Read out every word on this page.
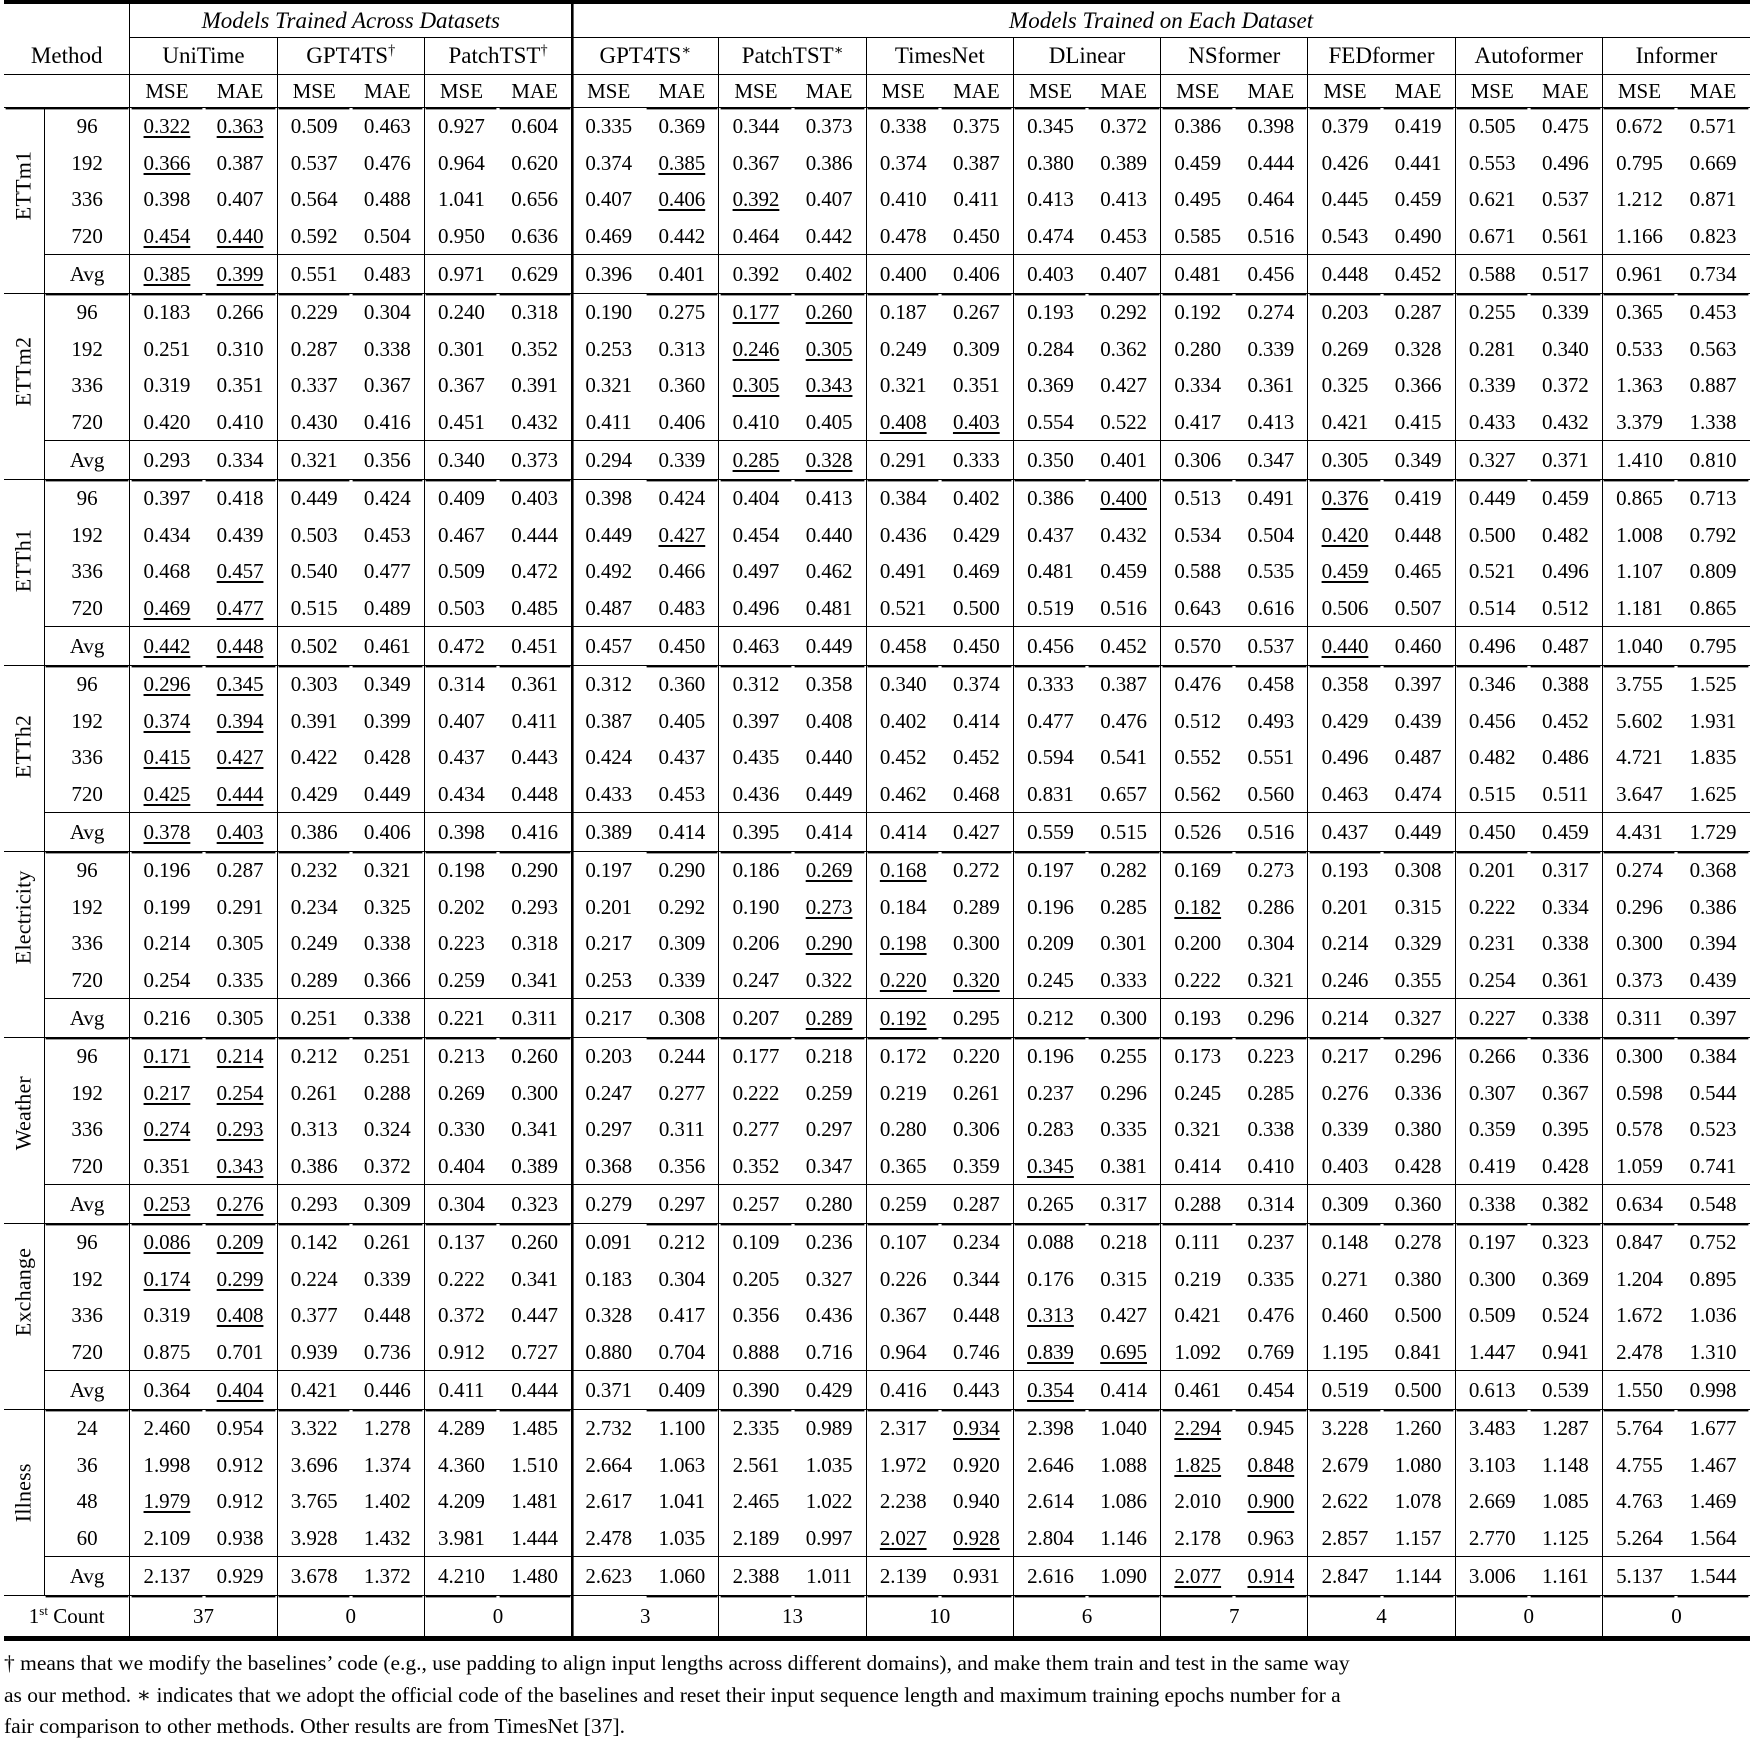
		Models Trained Across Datasets						Models Trained on Each Dataset															
Method		UniTime		GPT4TS†		PatchTST†		GPT4TS∗		PatchTST∗		TimesNet		DLinear		NSformer		FEDformer		Autoformer		Informer	
		MSE	MAE	MSE	MAE	MSE	MAE	MSE	MAE	MSE	MAE	MSE	MAE	MSE	MAE	MSE	MAE	MSE	MAE	MSE	MAE	MSE	MAE

ETTm1	96	0.322	0.363	0.509	0.463	0.927	0.604	0.335	0.369	0.344	0.373	0.338	0.375	0.345	0.372	0.386	0.398	0.379	0.419	0.505	0.475	0.672	0.571
	192	0.366	0.387	0.537	0.476	0.964	0.620	0.374	0.385	0.367	0.386	0.374	0.387	0.380	0.389	0.459	0.444	0.426	0.441	0.553	0.496	0.795	0.669
	336	0.398	0.407	0.564	0.488	1.041	0.656	0.407	0.406	0.392	0.407	0.410	0.411	0.413	0.413	0.495	0.464	0.445	0.459	0.621	0.537	1.212	0.871
	720	0.454	0.440	0.592	0.504	0.950	0.636	0.469	0.442	0.464	0.442	0.478	0.450	0.474	0.453	0.585	0.516	0.543	0.490	0.671	0.561	1.166	0.823
	Avg	0.385	0.399	0.551	0.483	0.971	0.629	0.396	0.401	0.392	0.402	0.400	0.406	0.403	0.407	0.481	0.456	0.448	0.452	0.588	0.517	0.961	0.734

ETTm2	96	0.183	0.266	0.229	0.304	0.240	0.318	0.190	0.275	0.177	0.260	0.187	0.267	0.193	0.292	0.192	0.274	0.203	0.287	0.255	0.339	0.365	0.453
	192	0.251	0.310	0.287	0.338	0.301	0.352	0.253	0.313	0.246	0.305	0.249	0.309	0.284	0.362	0.280	0.339	0.269	0.328	0.281	0.340	0.533	0.563
	336	0.319	0.351	0.337	0.367	0.367	0.391	0.321	0.360	0.305	0.343	0.321	0.351	0.369	0.427	0.334	0.361	0.325	0.366	0.339	0.372	1.363	0.887
	720	0.420	0.410	0.430	0.416	0.451	0.432	0.411	0.406	0.410	0.405	0.408	0.403	0.554	0.522	0.417	0.413	0.421	0.415	0.433	0.432	3.379	1.338
	Avg	0.293	0.334	0.321	0.356	0.340	0.373	0.294	0.339	0.285	0.328	0.291	0.333	0.350	0.401	0.306	0.347	0.305	0.349	0.327	0.371	1.410	0.810

ETTh1	96	0.397	0.418	0.449	0.424	0.409	0.403	0.398	0.424	0.404	0.413	0.384	0.402	0.386	0.400	0.513	0.491	0.376	0.419	0.449	0.459	0.865	0.713
	192	0.434	0.439	0.503	0.453	0.467	0.444	0.449	0.427	0.454	0.440	0.436	0.429	0.437	0.432	0.534	0.504	0.420	0.448	0.500	0.482	1.008	0.792
	336	0.468	0.457	0.540	0.477	0.509	0.472	0.492	0.466	0.497	0.462	0.491	0.469	0.481	0.459	0.588	0.535	0.459	0.465	0.521	0.496	1.107	0.809
	720	0.469	0.477	0.515	0.489	0.503	0.485	0.487	0.483	0.496	0.481	0.521	0.500	0.519	0.516	0.643	0.616	0.506	0.507	0.514	0.512	1.181	0.865
	Avg	0.442	0.448	0.502	0.461	0.472	0.451	0.457	0.450	0.463	0.449	0.458	0.450	0.456	0.452	0.570	0.537	0.440	0.460	0.496	0.487	1.040	0.795

ETTh2	96	0.296	0.345	0.303	0.349	0.314	0.361	0.312	0.360	0.312	0.358	0.340	0.374	0.333	0.387	0.476	0.458	0.358	0.397	0.346	0.388	3.755	1.525
	192	0.374	0.394	0.391	0.399	0.407	0.411	0.387	0.405	0.397	0.408	0.402	0.414	0.477	0.476	0.512	0.493	0.429	0.439	0.456	0.452	5.602	1.931
	336	0.415	0.427	0.422	0.428	0.437	0.443	0.424	0.437	0.435	0.440	0.452	0.452	0.594	0.541	0.552	0.551	0.496	0.487	0.482	0.486	4.721	1.835
	720	0.425	0.444	0.429	0.449	0.434	0.448	0.433	0.453	0.436	0.449	0.462	0.468	0.831	0.657	0.562	0.560	0.463	0.474	0.515	0.511	3.647	1.625
	Avg	0.378	0.403	0.386	0.406	0.398	0.416	0.389	0.414	0.395	0.414	0.414	0.427	0.559	0.515	0.526	0.516	0.437	0.449	0.450	0.459	4.431	1.729

Electricity	96	0.196	0.287	0.232	0.321	0.198	0.290	0.197	0.290	0.186	0.269	0.168	0.272	0.197	0.282	0.169	0.273	0.193	0.308	0.201	0.317	0.274	0.368
	192	0.199	0.291	0.234	0.325	0.202	0.293	0.201	0.292	0.190	0.273	0.184	0.289	0.196	0.285	0.182	0.286	0.201	0.315	0.222	0.334	0.296	0.386
	336	0.214	0.305	0.249	0.338	0.223	0.318	0.217	0.309	0.206	0.290	0.198	0.300	0.209	0.301	0.200	0.304	0.214	0.329	0.231	0.338	0.300	0.394
	720	0.254	0.335	0.289	0.366	0.259	0.341	0.253	0.339	0.247	0.322	0.220	0.320	0.245	0.333	0.222	0.321	0.246	0.355	0.254	0.361	0.373	0.439
	Avg	0.216	0.305	0.251	0.338	0.221	0.311	0.217	0.308	0.207	0.289	0.192	0.295	0.212	0.300	0.193	0.296	0.214	0.327	0.227	0.338	0.311	0.397

Weather	96	0.171	0.214	0.212	0.251	0.213	0.260	0.203	0.244	0.177	0.218	0.172	0.220	0.196	0.255	0.173	0.223	0.217	0.296	0.266	0.336	0.300	0.384
	192	0.217	0.254	0.261	0.288	0.269	0.300	0.247	0.277	0.222	0.259	0.219	0.261	0.237	0.296	0.245	0.285	0.276	0.336	0.307	0.367	0.598	0.544
	336	0.274	0.293	0.313	0.324	0.330	0.341	0.297	0.311	0.277	0.297	0.280	0.306	0.283	0.335	0.321	0.338	0.339	0.380	0.359	0.395	0.578	0.523
	720	0.351	0.343	0.386	0.372	0.404	0.389	0.368	0.356	0.352	0.347	0.365	0.359	0.345	0.381	0.414	0.410	0.403	0.428	0.419	0.428	1.059	0.741
	Avg	0.253	0.276	0.293	0.309	0.304	0.323	0.279	0.297	0.257	0.280	0.259	0.287	0.265	0.317	0.288	0.314	0.309	0.360	0.338	0.382	0.634	0.548

Exchange	96	0.086	0.209	0.142	0.261	0.137	0.260	0.091	0.212	0.109	0.236	0.107	0.234	0.088	0.218	0.111	0.237	0.148	0.278	0.197	0.323	0.847	0.752
	192	0.174	0.299	0.224	0.339	0.222	0.341	0.183	0.304	0.205	0.327	0.226	0.344	0.176	0.315	0.219	0.335	0.271	0.380	0.300	0.369	1.204	0.895
	336	0.319	0.408	0.377	0.448	0.372	0.447	0.328	0.417	0.356	0.436	0.367	0.448	0.313	0.427	0.421	0.476	0.460	0.500	0.509	0.524	1.672	1.036
	720	0.875	0.701	0.939	0.736	0.912	0.727	0.880	0.704	0.888	0.716	0.964	0.746	0.839	0.695	1.092	0.769	1.195	0.841	1.447	0.941	2.478	1.310
	Avg	0.364	0.404	0.421	0.446	0.411	0.444	0.371	0.409	0.390	0.429	0.416	0.443	0.354	0.414	0.461	0.454	0.519	0.500	0.613	0.539	1.550	0.998

Illness	24	2.460	0.954	3.322	1.278	4.289	1.485	2.732	1.100	2.335	0.989	2.317	0.934	2.398	1.040	2.294	0.945	3.228	1.260	3.483	1.287	5.764	1.677
	36	1.998	0.912	3.696	1.374	4.360	1.510	2.664	1.063	2.561	1.035	1.972	0.920	2.646	1.088	1.825	0.848	2.679	1.080	3.103	1.148	4.755	1.467
	48	1.979	0.912	3.765	1.402	4.209	1.481	2.617	1.041	2.465	1.022	2.238	0.940	2.614	1.086	2.010	0.900	2.622	1.078	2.669	1.085	4.763	1.469
	60	2.109	0.938	3.928	1.432	3.981	1.444	2.478	1.035	2.189	0.997	2.027	0.928	2.804	1.146	2.178	0.963	2.857	1.157	2.770	1.125	5.264	1.564
	Avg	2.137	0.929	3.678	1.372	4.210	1.480	2.623	1.060	2.388	1.011	2.139	0.931	2.616	1.090	2.077	0.914	2.847	1.144	3.006	1.161	5.137	1.544
1st Count		37		0		0		3		13		10		6		7		4		0		0	

† means that we modify the baselines’ code (e.g., use padding to align input lengths across different domains), and make them train and test in the same way

as our method. ∗ indicates that we adopt the official code of the baselines and reset their input sequence length and maximum training epochs number for a

fair comparison to other methods. Other results are from TimesNet [37].
